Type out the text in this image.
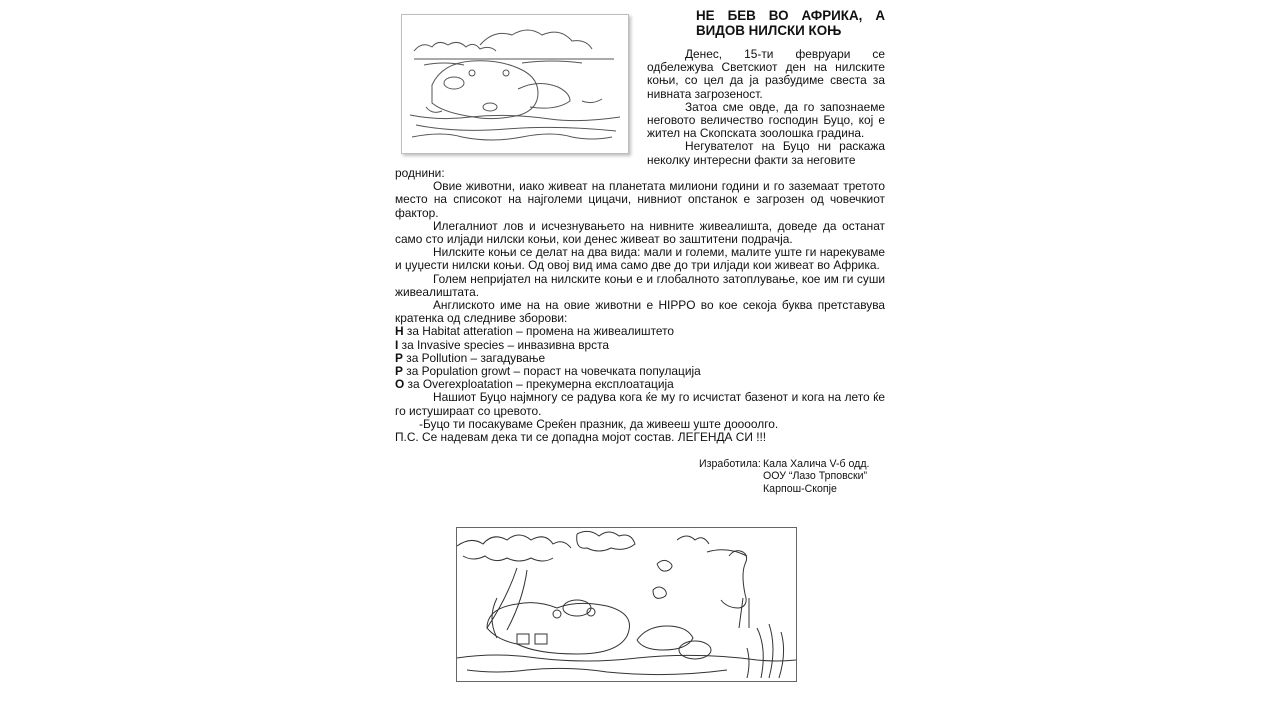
НЕ БЕВ ВО АФРИКА, А ВИДОВ НИЛСКИ КОЊ

Денес, 15-ти февруари се одбележува Светскиот ден на нилските коњи, со цел да ја разбудиме свеста за нивната загрозеност.

Затоа сме овде, да го запознаеме неговото величество господин Буцо, кој е жител на Скопската зоолошка градина.

Негувателот на Буцо ни раскажа неколку интересни факти за неговите

роднини:

Овие животни, иако живеат на планетата милиони години и го заземаат третото место на списокот на најголеми цицачи, нивниот опстанок е загрозен од човечкиот фактор.

Илегалниот лов и исчезнувањето на нивните живеалишта, доведе да останат само сто илјади нилски коњи, кои денес живеат во заштитени подрачја.

Нилските коњи се делат на два вида: мали и големи, малите уште ги нарекуваме и џуџести нилски коњи. Од овој вид има само две до три илјади кои живеат во Африка.

Голем непријател на нилските коњи е и глобалното затоплување, кое им ги суши живеалиштата.

Англиското име на на овие животни е HIPPO во кое секоја буква претставува кратенка од следниве зборови:

H за Habitat atteration – промена на живеалиштето

I за Invasive species – инвазивна врста

P за Pollution – загадување

P за Population growt – пораст на човечката популација

O за Overexploatation – прекумерна експлоатација

Нашиот Буцо најмногу се радува кога ќе му го исчистат базенот и кога на лето ќе го истушираат со цревото.

-Буцо ти посакуваме Среќен празник, да живееш уште доооолго.

П.С. Се надевам дека ти се допадна мојот состав. ЛЕГЕНДА СИ !!!

Изработила: Кала Халича V-б одд.
ООУ “Лазо Трповски”
Карпош-Скопје
